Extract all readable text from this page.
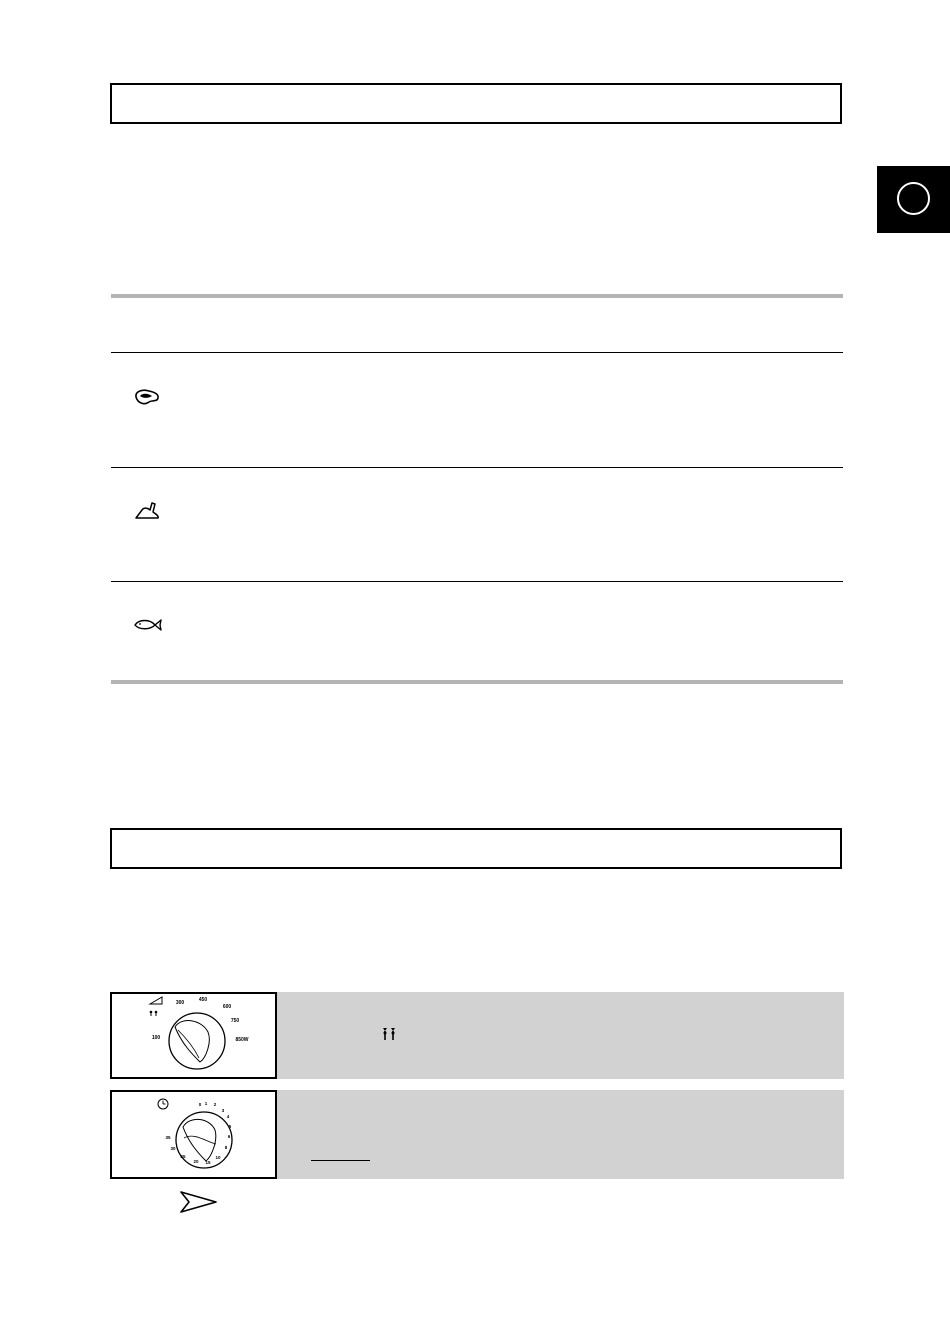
100
300	450
600
750
850W
0 1 2
3
4
5
6
8
10
15
20
25
30
35
